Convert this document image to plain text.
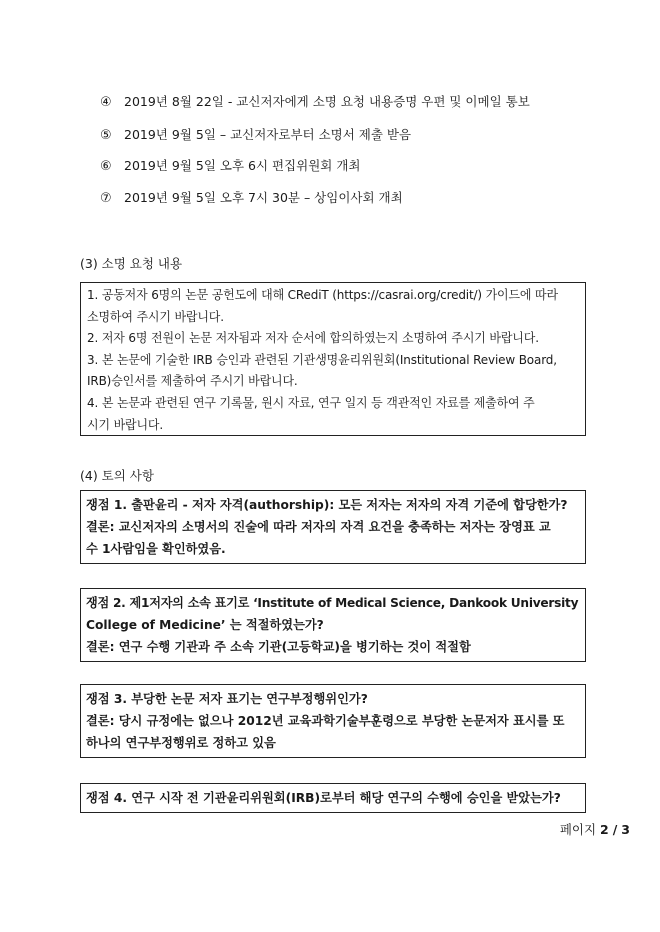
④ 2019년 8월 22일 - 교신저자에게 소명 요청 내용증명 우편 및 이메일 통보
⑤ 2019년 9월 5일 – 교신저자로부터 소명서 제출 받음
⑥ 2019년 9월 5일 오후 6시 편집위원회 개최
⑦ 2019년 9월 5일 오후 7시 30분 – 상임이사회 개최
(3) 소명 요청 내용
1. 공동저자 6명의 논문 공헌도에 대해 CRediT (https://casrai.org/credit/) 가이드에 따라
소명하여 주시기 바랍니다.
2. 저자 6명 전원이 논문 저자됨과 저자 순서에 합의하였는지 소명하여 주시기 바랍니다.
3. 본 논문에 기술한 IRB 승인과 관련된 기관생명윤리위원회(Institutional Review Board,
IRB)승인서를 제출하여 주시기 바랍니다.
4. 본 논문과 관련된 연구 기록물, 원시 자료, 연구 일지 등 객관적인 자료를 제출하여 주
시기 바랍니다.
(4) 토의 사항
쟁점 1. 출판윤리 - 저자 자격(authorship): 모든 저자는 저자의 자격 기준에 합당한가?
결론: 교신저자의 소명서의 진술에 따라 저자의 자격 요건을 충족하는 저자는 장영표 교
수 1사람임을 확인하였음.
쟁점 2. 제1저자의 소속 표기로 ‘Institute of Medical Science, Dankook University
College of Medicine’ 는 적절하였는가?
결론: 연구 수행 기관과 주 소속 기관(고등학교)을 병기하는 것이 적절함
쟁점 3. 부당한 논문 저자 표기는 연구부정행위인가?
결론: 당시 규정에는 없으나 2012년 교육과학기술부훈령으로 부당한 논문저자 표시를 또
하나의 연구부정행위로 정하고 있음
쟁점 4. 연구 시작 전 기관윤리위원회(IRB)로부터 해당 연구의 수행에 승인을 받았는가?
페이지 2 / 3
